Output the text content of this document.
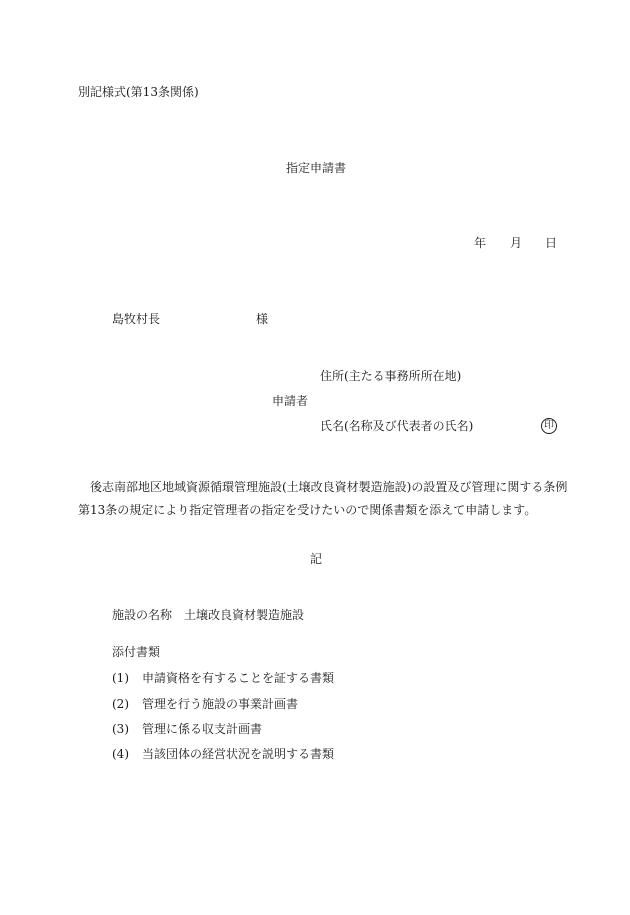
別記様式(第13条関係)
指定申請書
年 月 日
島牧村長	様
住所(主たる事務所所在地)
申請者
氏名(名称及び代表者の氏名)	印
後志南部地区地域資源循環管理施設(土壌改良資材製造施設)の設置及び管理に関する条例第13条の規定により指定管理者の指定を受けたいので関係書類を添えて申請します。
記
施設の名称 土壌改良資材製造施設
添付書類
(1) 申請資格を有することを証する書類
(2) 管理を行う施設の事業計画書
(3) 管理に係る収支計画書
(4) 当該団体の経営状況を説明する書類
